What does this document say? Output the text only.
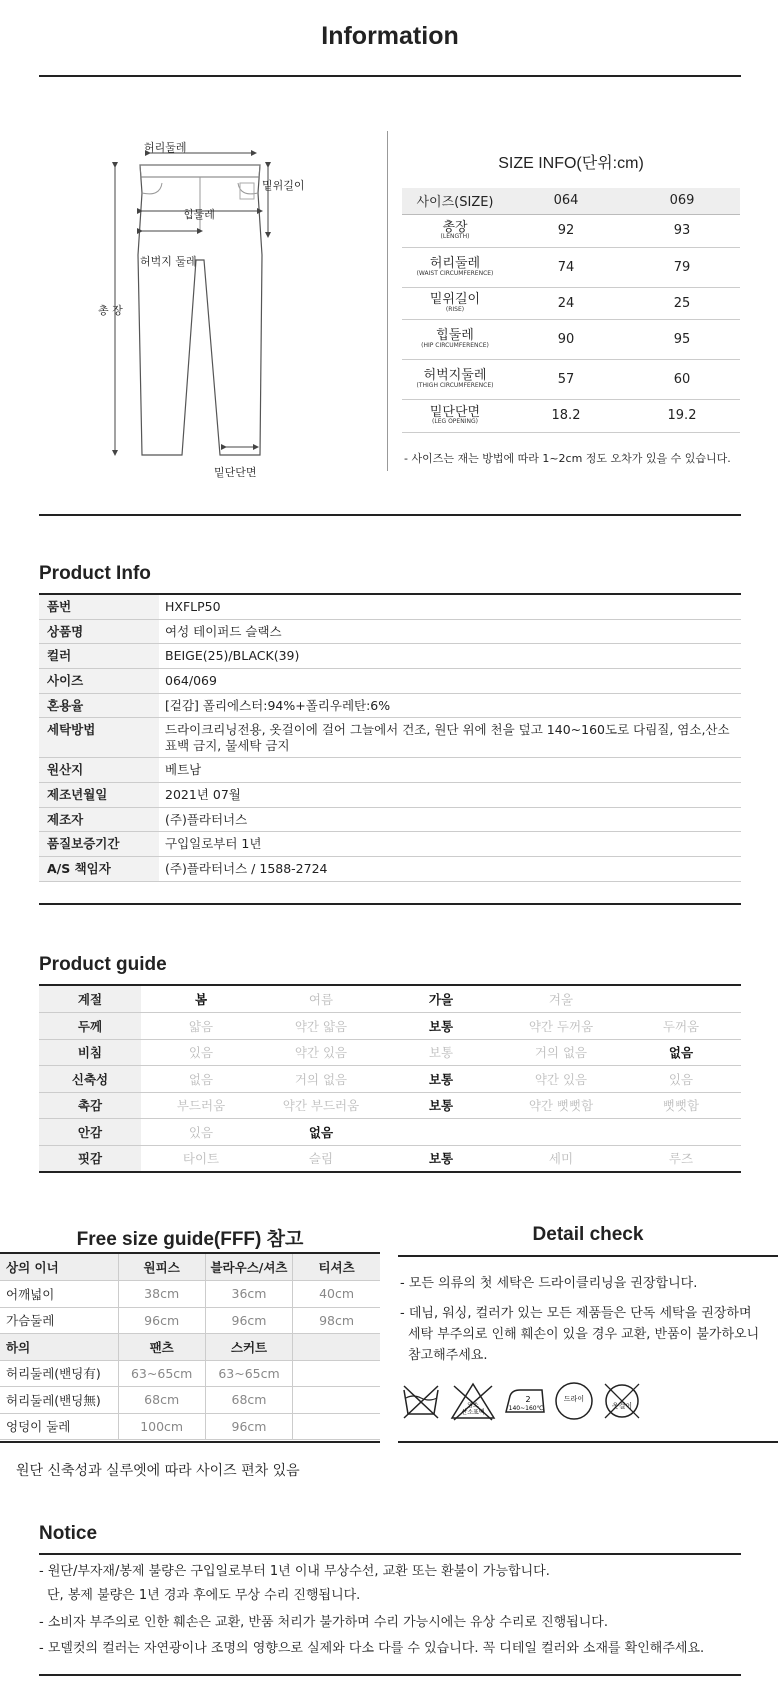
Information
허리둘레
밑위길이
힙둘레
허벅지 둘레
총 장
밑단단면
SIZE INFO(단위:cm)
사이즈(SIZE)	064	069

총장
(LENGTH)	92	93

허리둘레
(WAIST CIRCUMFERENCE)	74	79

밑위길이
(RISE)	24	25

힙둘레
(HIP CIRCUMFERENCE)	90	95

허벅지둘레
(THIGH CIRCUMFERENCE)	57	60

밑단단면
(LEG OPENING)	18.2	19.2
- 사이즈는 재는 방법에 따라 1~2cm 정도 오차가 있을 수 있습니다.
Product Info
품번	HXFLP50
상품명	여성 테이퍼드 슬랙스
컬러	BEIGE(25)/BLACK(39)
사이즈	064/069
혼용율	[겉감] 폴리에스터:94%+폴리우레탄:6%
세탁방법	드라이크리닝전용, 옷걸이에 걸어 그늘에서 건조, 원단 위에 천을 덮고 140~160도로 다림질, 염소,산소 표백 금지, 물세탁 금지
원산지	베트남
제조년월일	2021년 07월
제조자	(주)플라터너스
품질보증기간	구입일로부터 1년
A/S 책임자	(주)플라터너스 / 1588-2724
Product guide
계절	봄	여름	가을	겨울	
두께	얇음	약간 얇음	보통	약간 두꺼움	두꺼움
비침	있음	약간 있음	보통	거의 없음	없음
신축성	없음	거의 없음	보통	약간 있음	있음
촉감	부드러움	약간 부드러움	보통	약간 뻣뻣함	뻣뻣함
안감	있음	없음			
핏감	타이트	슬림	보통	세미	루즈
Free size guide(FFF) 참고
상의 이너	원피스	블라우스/셔츠	티셔츠
어깨넓이	38cm	36cm	40cm
가슴둘레	96cm	96cm	98cm
하의	팬츠	스커트	
허리둘레(밴딩有)	63~65cm	63~65cm	
허리둘레(밴딩無)	68cm	68cm	
엉덩이 둘레	100cm	96cm	
원단 신축성과 실루엣에 따라 사이즈 편차 있음
Detail check
- 모든 의류의 첫 세탁은 드라이클리닝을 권장합니다.
- 데님, 워싱, 컬러가 있는 모든 제품들은 단독 세탁을 권장하며
세탁 부주의로 인해 훼손이 있을 경우 교환, 반품이 불가하오니
참고해주세요.
염소
산소표백
2
140~160℃
드라이
옷걸이
Notice
- 원단/부자재/봉제 불량은 구입일로부터 1년 이내 무상수선, 교환 또는 환불이 가능합니다.
단, 봉제 불량은 1년 경과 후에도 무상 수리 진행됩니다.
- 소비자 부주의로 인한 훼손은 교환, 반품 처리가 불가하며 수리 가능시에는 유상 수리로 진행됩니다.
- 모델컷의 컬러는 자연광이나 조명의 영향으로 실제와 다소 다를 수 있습니다. 꼭 디테일 컬러와 소재를 확인해주세요.
